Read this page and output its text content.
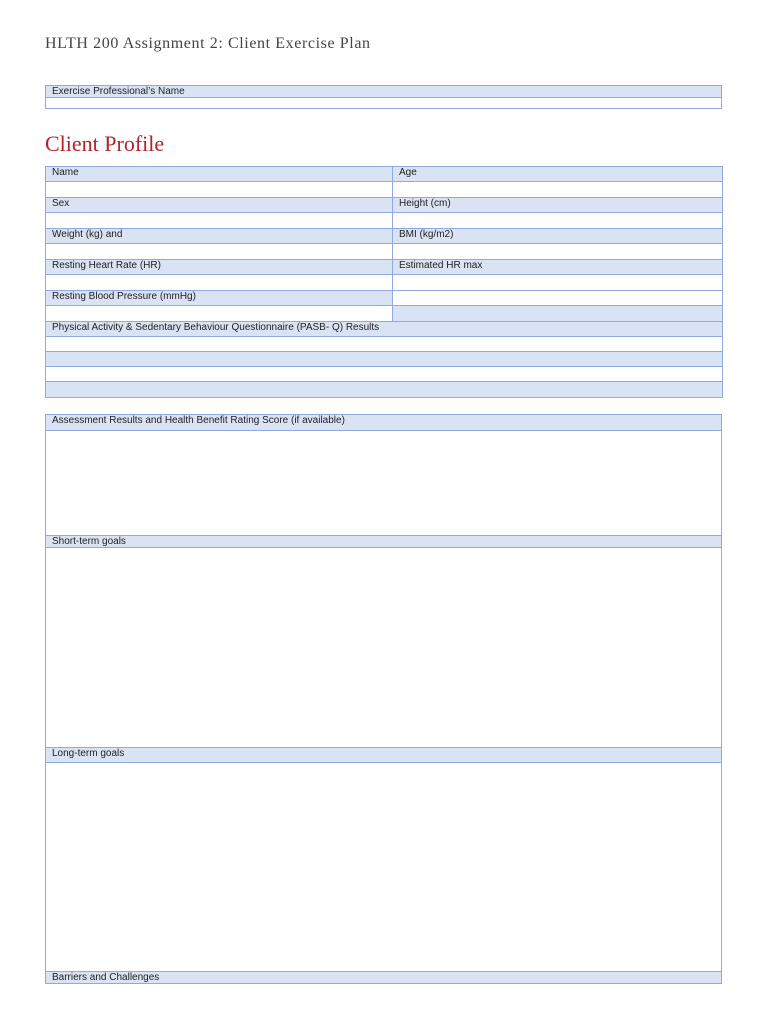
HLTH 200 Assignment 2: Client Exercise Plan
Exercise Professional’s Name

Client Profile
Name	Age

Sex	Height (cm)

Weight (kg) and	BMI (kg/m2)

Resting Heart Rate (HR)	Estimated HR max

Resting Blood Pressure (mmHg)	

Physical Activity & Sedentary Behaviour Questionnaire (PASB- Q) Results	

Assessment Results and Health Benefit Rating Score (if available)

Short-term goals

Long-term goals

Barriers and Challenges
